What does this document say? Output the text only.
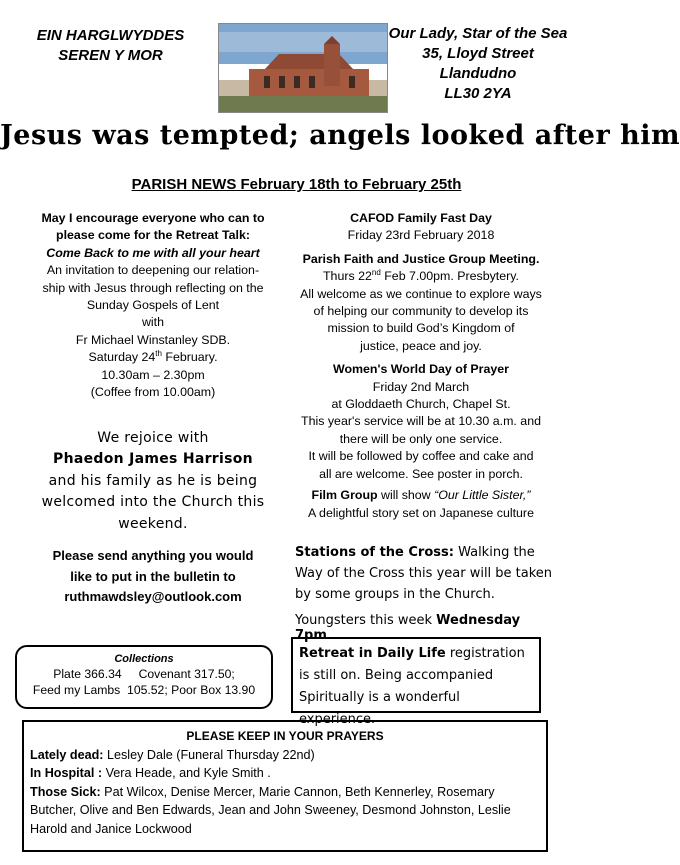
EIN HARGLWYDDES
SEREN Y MOR
Our Lady, Star of the Sea
35, Lloyd Street
Llandudno
LL30 2YA
Jesus was tempted; angels looked after him
PARISH NEWS February 18th to February 25th
May I encourage everyone who can to
please come for the Retreat Talk:
Come Back to me with all your heart
An invitation to deepening our relation-
ship with Jesus through reflecting on the
Sunday Gospels of Lent
with
Fr Michael Winstanley SDB.
Saturday 24th February.
10.30am – 2.30pm
(Coffee from 10.00am)
We rejoice with
Phaedon James Harrison
and his family as he is being
welcomed into the Church this
weekend.
Please send anything you would
like to put in the bulletin to
ruthmawdsley@outlook.com
CAFOD Family Fast Day
Friday 23rd February 2018
Parish Faith and Justice Group Meeting.
Thurs 22nd Feb 7.00pm. Presbytery.
All welcome as we continue to explore ways
of helping our community to develop its
mission to build God’s Kingdom of
justice, peace and joy.
Women's World Day of Prayer
Friday 2nd March
at Gloddaeth Church, Chapel St.
This year's service will be at 10.30 a.m. and
there will be only one service.
It will be followed by coffee and cake and
all are welcome. See poster in porch.
Film Group will show “Our Little Sister,”
A delightful story set on Japanese culture
Stations of the Cross: Walking the Way of the Cross this year will be taken by some groups in the Church.
Youngsters this week Wednesday 7pm
Retreat in Daily Life registration is still on. Being accompanied Spiritually is a wonderful experience.
Collections
Plate 366.34     Covenant 317.50;
Feed my Lambs  105.52; Poor Box 13.90
PLEASE KEEP IN YOUR PRAYERS
Lately dead: Lesley Dale (Funeral Thursday 22nd)
In Hospital : Vera Heade, and Kyle Smith .
Those Sick: Pat Wilcox, Denise Mercer, Marie Cannon, Beth Kennerley, Rosemary Butcher, Olive and Ben Edwards, Jean and John Sweeney, Desmond Johnston, Leslie Harold and Janice Lockwood
